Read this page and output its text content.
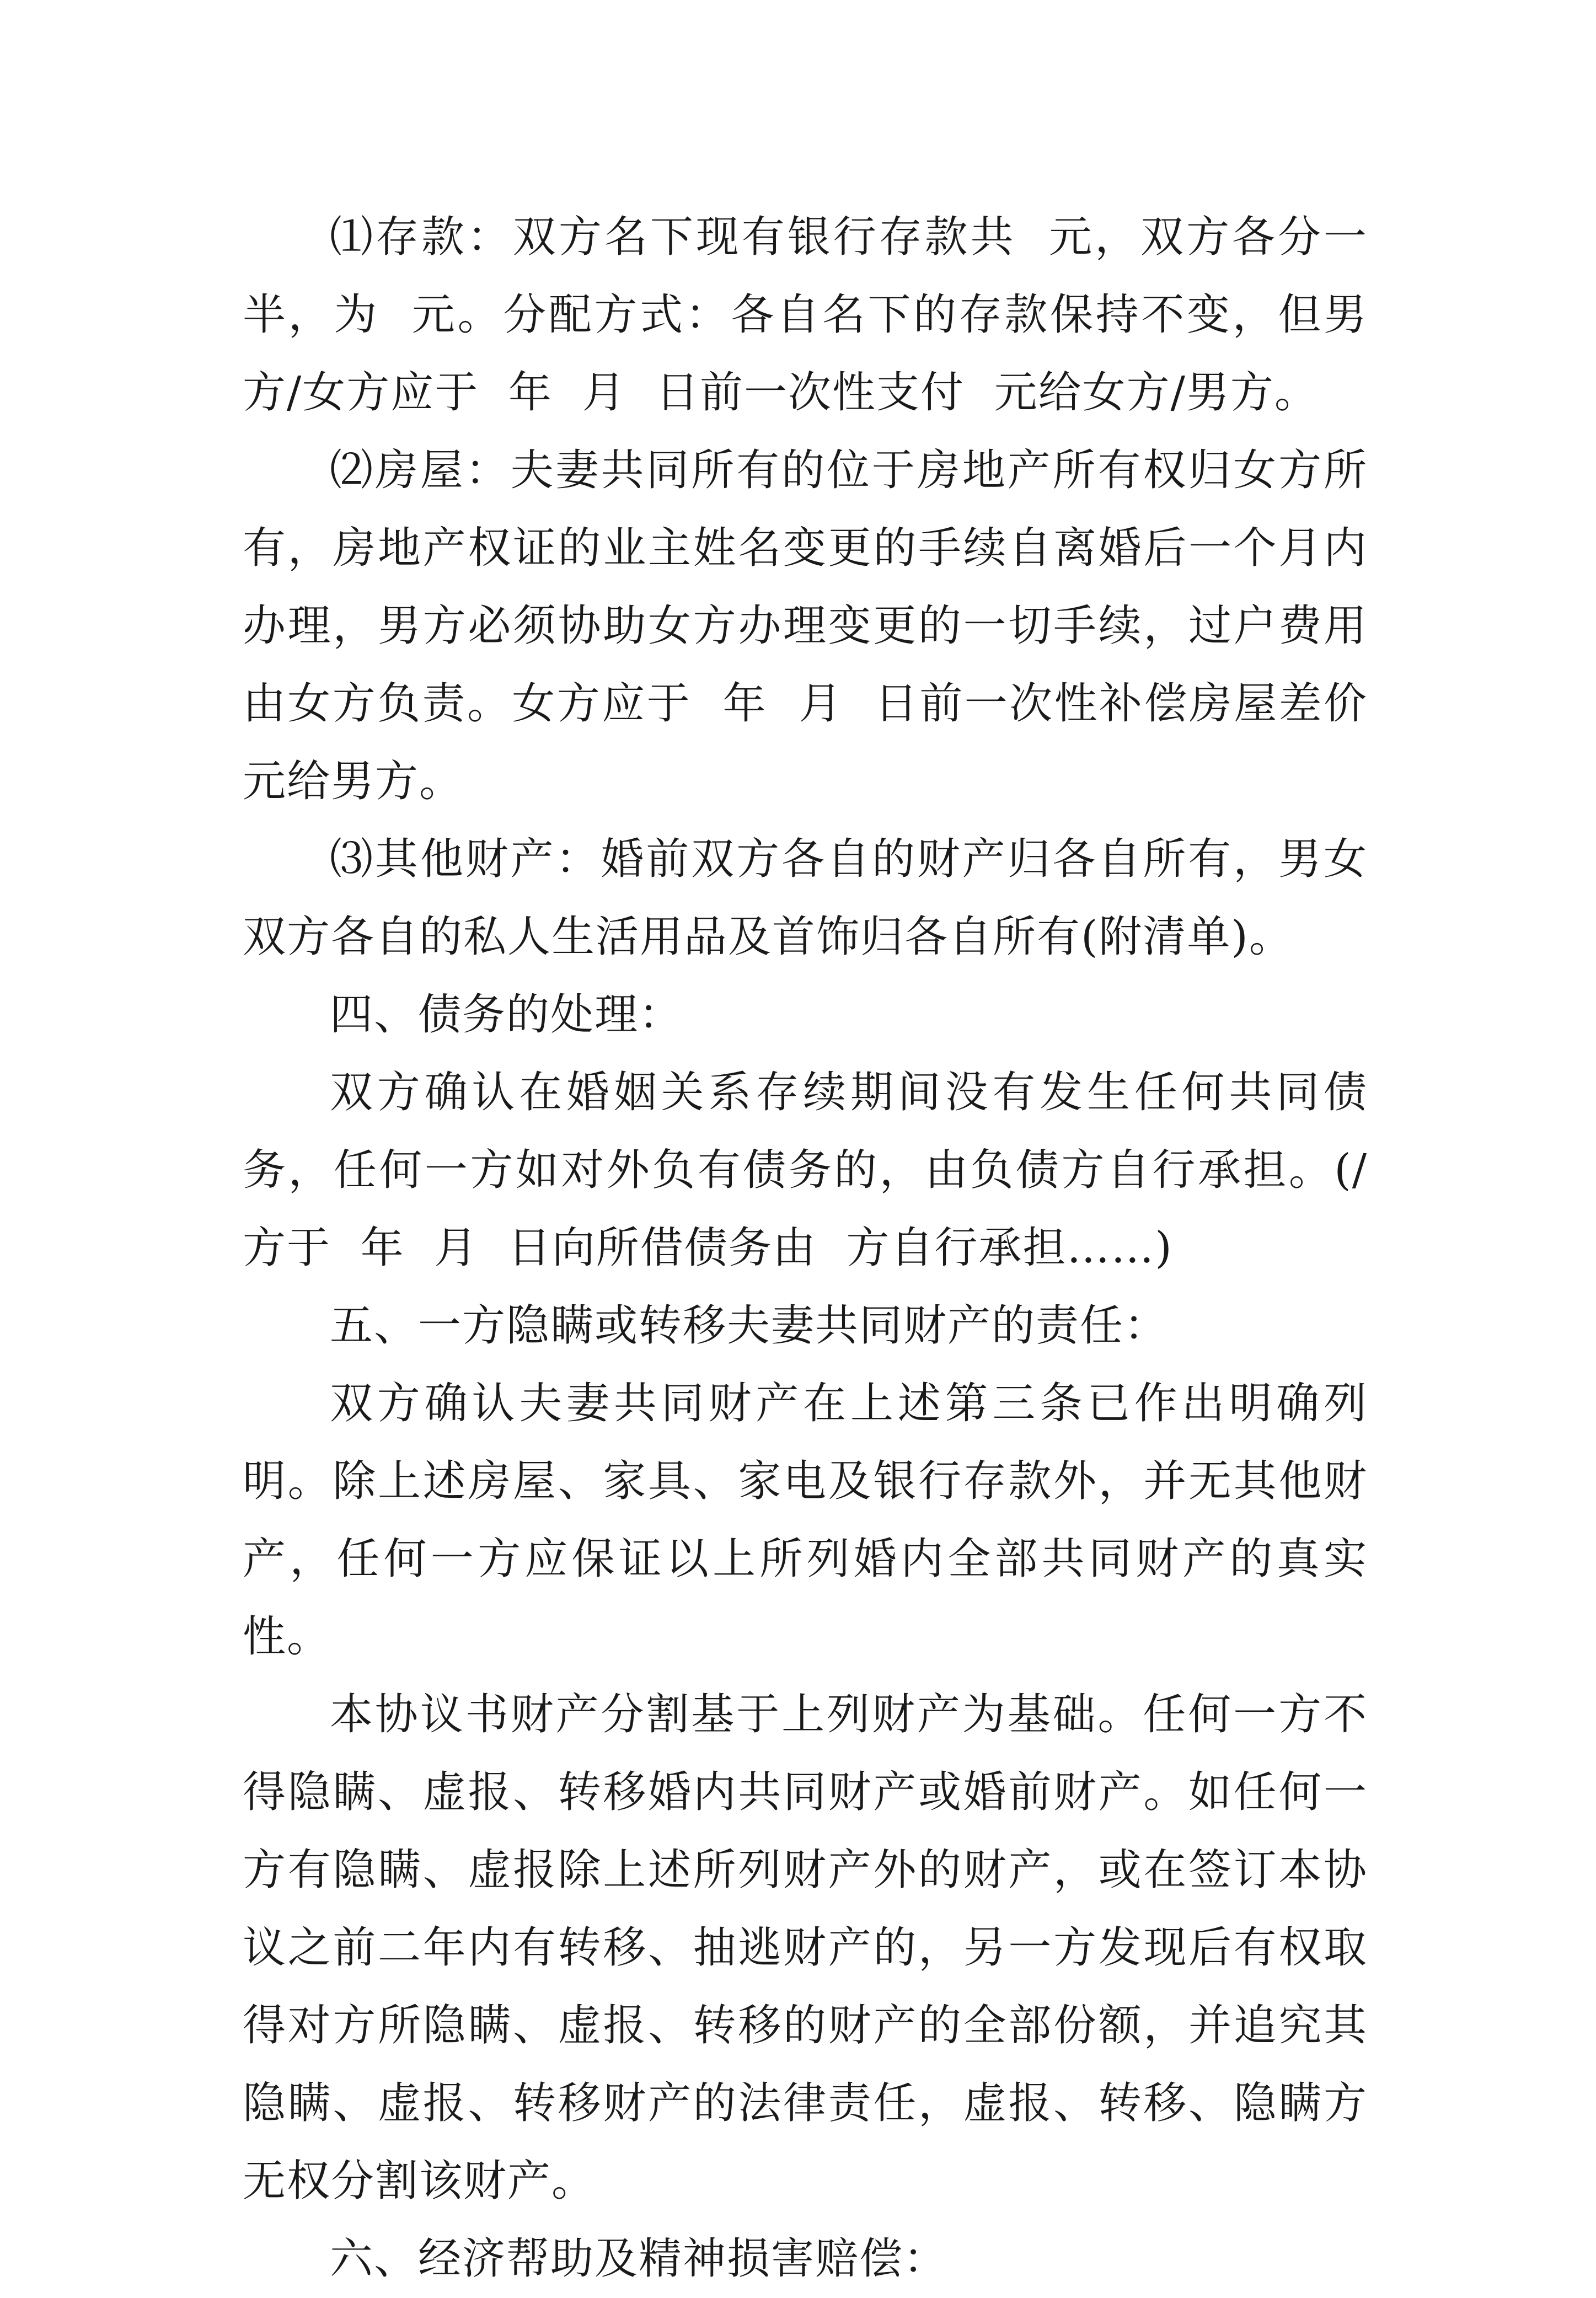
⑴存款：双方名下现有银行存款共  元，双方各分一半，为  元。分配方式：各自名下的存款保持不变，但男方/女方应于  年  月  日前一次性支付  元给女方/男方。

⑵房屋：夫妻共同所有的位于房地产所有权归女方所有，房地产权证的业主姓名变更的手续自离婚后一个月内办理，男方必须协助女方办理变更的一切手续，过户费用由女方负责。女方应于  年  月  日前一次性补偿房屋差价  元给男方。

⑶其他财产：婚前双方各自的财产归各自所有，男女双方各自的私人生活用品及首饰归各自所有(附清单)。

四、债务的处理：

双方确认在婚姻关系存续期间没有发生任何共同债务，任何一方如对外负有债务的，由负债方自行承担。(/  方于  年  月  日向所借债务由  方自行承担……)

五、一方隐瞒或转移夫妻共同财产的责任：

双方确认夫妻共同财产在上述第三条已作出明确列明。除上述房屋、家具、家电及银行存款外，并无其他财产，任何一方应保证以上所列婚内全部共同财产的真实性。

本协议书财产分割基于上列财产为基础。任何一方不得隐瞒、虚报、转移婚内共同财产或婚前财产。如任何一方有隐瞒、虚报除上述所列财产外的财产，或在签订本协议之前二年内有转移、抽逃财产的，另一方发现后有权取得对方所隐瞒、虚报、转移的财产的全部份额，并追究其隐瞒、虚报、转移财产的法律责任，虚报、转移、隐瞒方无权分割该财产。

六、经济帮助及精神损害赔偿：
